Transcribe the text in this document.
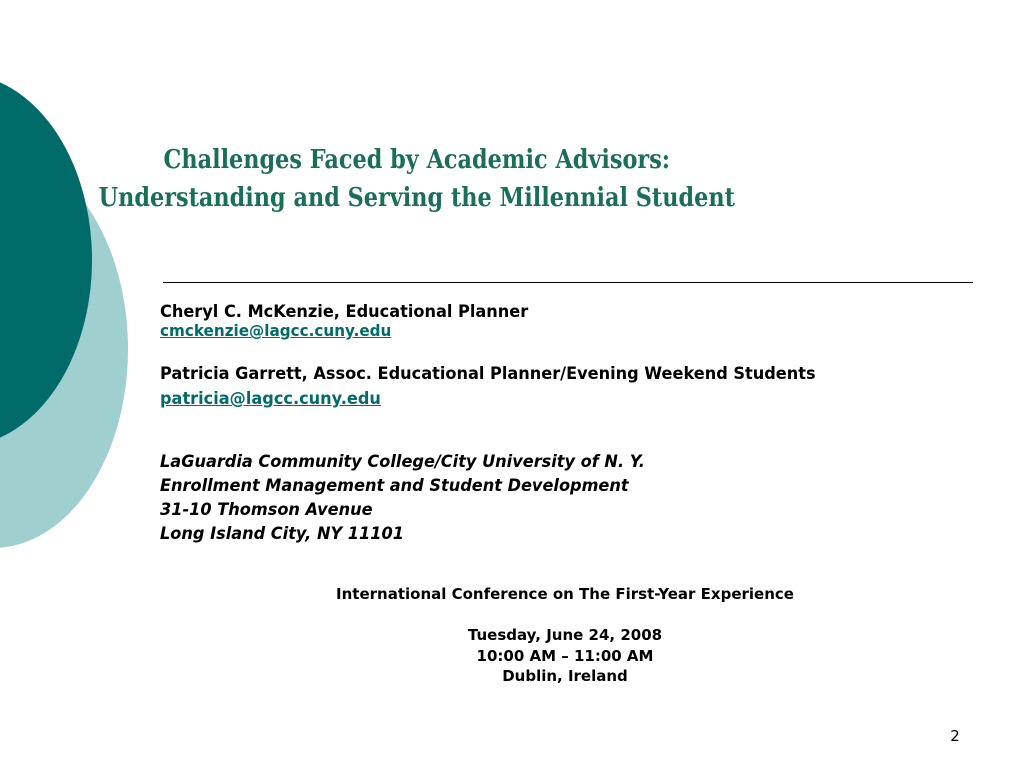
Challenges Faced by Academic Advisors:
Understanding and Serving the Millennial Student
Cheryl C. McKenzie, Educational Planner
cmckenzie@lagcc.cuny.edu
Patricia Garrett, Assoc. Educational Planner/Evening Weekend Students
patricia@lagcc.cuny.edu
LaGuardia Community College/City University of N. Y.
Enrollment Management and Student Development
31-10 Thomson Avenue
Long Island City, NY 11101
International Conference on The First-Year Experience
Tuesday, June 24, 2008
10:00 AM – 11:00 AM
Dublin, Ireland
2
